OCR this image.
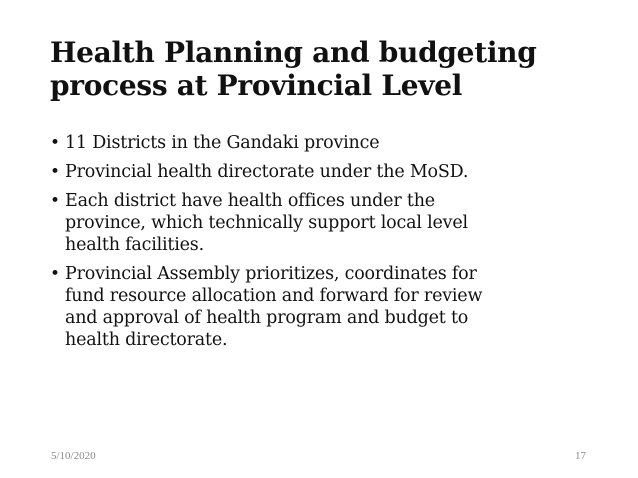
Health Planning and budgeting
process at Provincial Level
• 11 Districts in the Gandaki province
• Provincial health directorate under the MoSD.
• Each district have health offices under the
province, which technically support local level
health facilities.
• Provincial Assembly prioritizes, coordinates for
fund resource allocation and forward for review
and approval of health program and budget to
health directorate.
5/10/2020	17
